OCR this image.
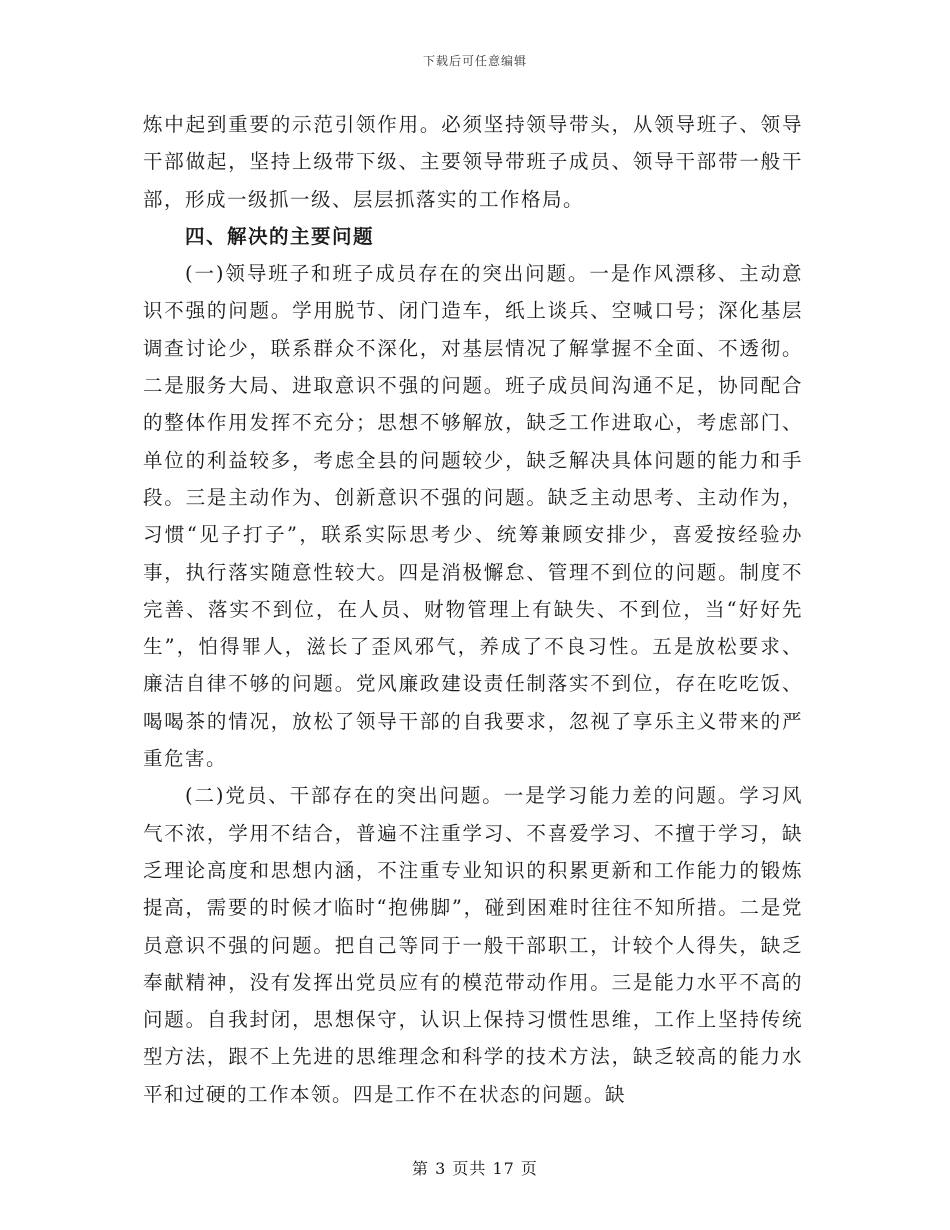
下载后可任意编辑

炼中起到重要的示范引领作用。必须坚持领导带头，从领导班子、领导干部做起，坚持上级带下级、主要领导带班子成员、领导干部带一般干部，形成一级抓一级、层层抓落实的工作格局。

四、解决的主要问题

(一)领导班子和班子成员存在的突出问题。一是作风漂移、主动意识不强的问题。学用脱节、闭门造车，纸上谈兵、空喊口号；深化基层调查讨论少，联系群众不深化，对基层情况了解掌握不全面、不透彻。二是服务大局、进取意识不强的问题。班子成员间沟通不足，协同配合的整体作用发挥不充分；思想不够解放，缺乏工作进取心，考虑部门、单位的利益较多，考虑全县的问题较少，缺乏解决具体问题的能力和手段。三是主动作为、创新意识不强的问题。缺乏主动思考、主动作为，习惯“见子打子”，联系实际思考少、统筹兼顾安排少，喜爱按经验办事，执行落实随意性较大。四是消极懈怠、管理不到位的问题。制度不完善、落实不到位，在人员、财物管理上有缺失、不到位，当“好好先生”，怕得罪人，滋长了歪风邪气，养成了不良习性。五是放松要求、廉洁自律不够的问题。党风廉政建设责任制落实不到位，存在吃吃饭、喝喝茶的情况，放松了领导干部的自我要求，忽视了享乐主义带来的严重危害。

(二)党员、干部存在的突出问题。一是学习能力差的问题。学习风气不浓，学用不结合，普遍不注重学习、不喜爱学习、不擅于学习，缺乏理论高度和思想内涵，不注重专业知识的积累更新和工作能力的锻炼提高，需要的时候才临时“抱佛脚”，碰到困难时往往不知所措。二是党员意识不强的问题。把自己等同于一般干部职工，计较个人得失，缺乏奉献精神，没有发挥出党员应有的模范带动作用。三是能力水平不高的问题。自我封闭，思想保守，认识上保持习惯性思维，工作上坚持传统型方法，跟不上先进的思维理念和科学的技术方法，缺乏较高的能力水平和过硬的工作本领。四是工作不在状态的问题。缺

第 3 页共 17 页
